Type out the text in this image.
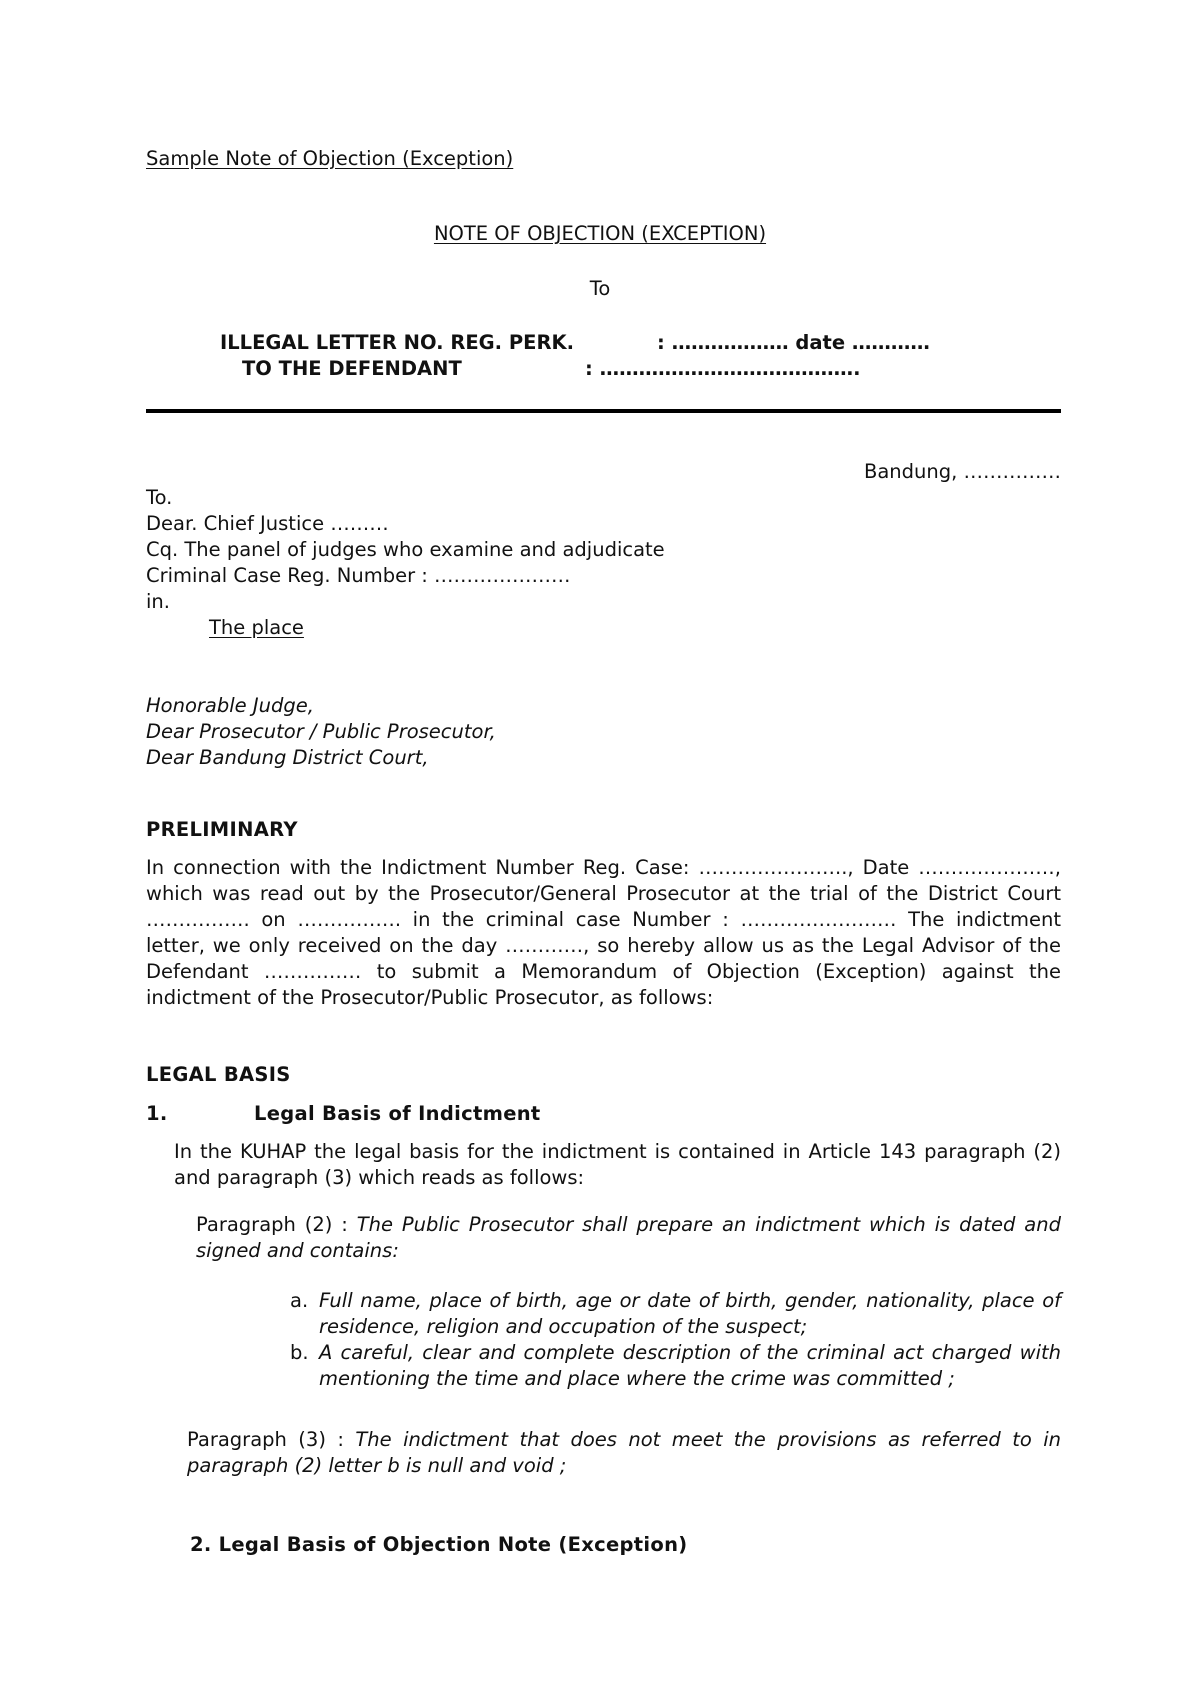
Sample Note of Objection (Exception)
NOTE OF OBJECTION (EXCEPTION)
To
ILLEGAL LETTER NO. REG. PERK.	: ……………… date …………
TO THE DEFENDANT	: ………………………………….
Bandung, ……………
To.
Dear. Chief Justice ………
Cq. The panel of judges who examine and adjudicate
Criminal Case Reg. Number : …………………
in.
The place
Honorable Judge,
Dear Prosecutor / Public Prosecutor,
Dear Bandung District Court,
PRELIMINARY
In connection with the Indictment Number Reg. Case: ………………….., Date …………………, which was read out by the Prosecutor/General Prosecutor at the trial of the District Court ……………. on ……………. in the criminal case Number : …………………… The indictment letter, we only received on the day …………, so hereby allow us as the Legal Advisor of the Defendant …………… to submit a Memorandum of Objection (Exception) against the indictment of the Prosecutor/Public Prosecutor, as follows:
LEGAL BASIS
1.	Legal Basis of Indictment
In the KUHAP the legal basis for the indictment is contained in Article 143 paragraph (2) and paragraph (3) which reads as follows:
Paragraph (2) : The Public Prosecutor shall prepare an indictment which is dated and signed and contains:
a. Full name, place of birth, age or date of birth, gender, nationality, place of residence, religion and occupation of the suspect;
b. A careful, clear and complete description of the criminal act charged with mentioning the time and place where the crime was committed ;
Paragraph (3) : The indictment that does not meet the provisions as referred to in paragraph (2) letter b is null and void ;
2. Legal Basis of Objection Note (Exception)
